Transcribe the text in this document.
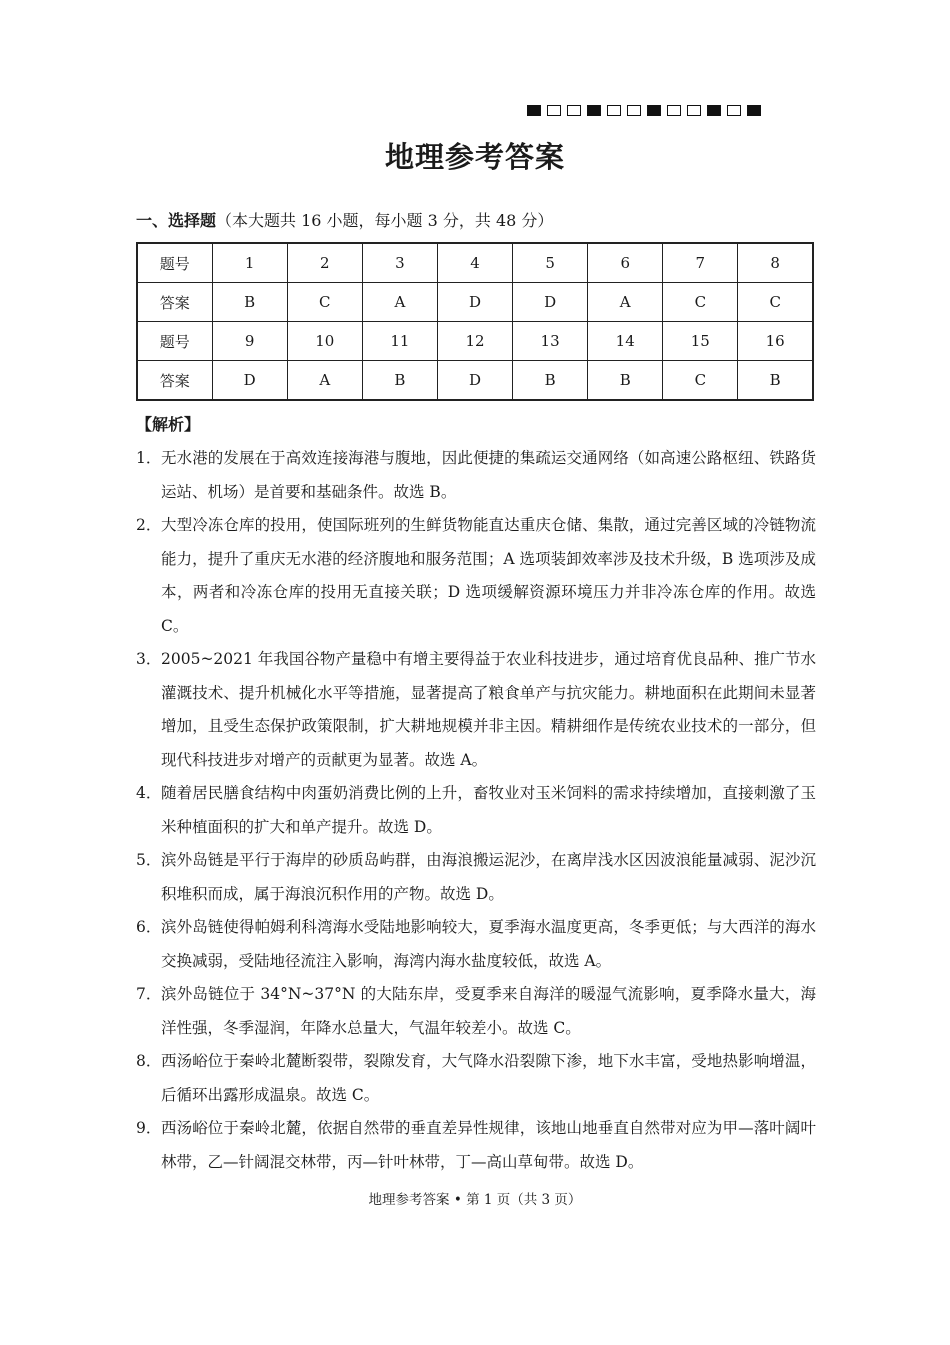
地理参考答案
一、选择题（本大题共 16 小题，每小题 3 分，共 48 分）
题号	1	2	3	4	5	6	7	8
答案	B	C	A	D	D	A	C	C
题号	9	10	11	12	13	14	15	16
答案	D	A	B	D	B	B	C	B
【解析】
1． 无水港的发展在于高效连接海港与腹地，因此便捷的集疏运交通网络（如高速公路枢纽、铁路货运站、机场）是首要和基础条件。故选 B。
2． 大型冷冻仓库的投用，使国际班列的生鲜货物能直达重庆仓储、集散，通过完善区域的冷链物流能力，提升了重庆无水港的经济腹地和服务范围；A 选项装卸效率涉及技术升级，B 选项涉及成本，两者和冷冻仓库的投用无直接关联；D 选项缓解资源环境压力并非冷冻仓库的作用。故选 C。
3． 2005~2021 年我国谷物产量稳中有增主要得益于农业科技进步，通过培育优良品种、推广节水灌溉技术、提升机械化水平等措施，显著提高了粮食单产与抗灾能力。耕地面积在此期间未显著增加，且受生态保护政策限制，扩大耕地规模并非主因。精耕细作是传统农业技术的一部分，但现代科技进步对增产的贡献更为显著。故选 A。
4． 随着居民膳食结构中肉蛋奶消费比例的上升，畜牧业对玉米饲料的需求持续增加，直接刺激了玉米种植面积的扩大和单产提升。故选 D。
5． 滨外岛链是平行于海岸的砂质岛屿群，由海浪搬运泥沙，在离岸浅水区因波浪能量减弱、泥沙沉积堆积而成，属于海浪沉积作用的产物。故选 D。
6． 滨外岛链使得帕姆利科湾海水受陆地影响较大，夏季海水温度更高，冬季更低；与大西洋的海水交换减弱，受陆地径流注入影响，海湾内海水盐度较低，故选 A。
7． 滨外岛链位于 34°N~37°N 的大陆东岸，受夏季来自海洋的暖湿气流影响，夏季降水量大，海洋性强，冬季湿润，年降水总量大，气温年较差小。故选 C。
8． 西汤峪位于秦岭北麓断裂带，裂隙发育，大气降水沿裂隙下渗，地下水丰富，受地热影响增温，后循环出露形成温泉。故选 C。
9． 西汤峪位于秦岭北麓，依据自然带的垂直差异性规律，该地山地垂直自然带对应为甲—落叶阔叶林带，乙—针阔混交林带，丙—针叶林带，丁—高山草甸带。故选 D。
地理参考答案 • 第 1 页（共 3 页）
